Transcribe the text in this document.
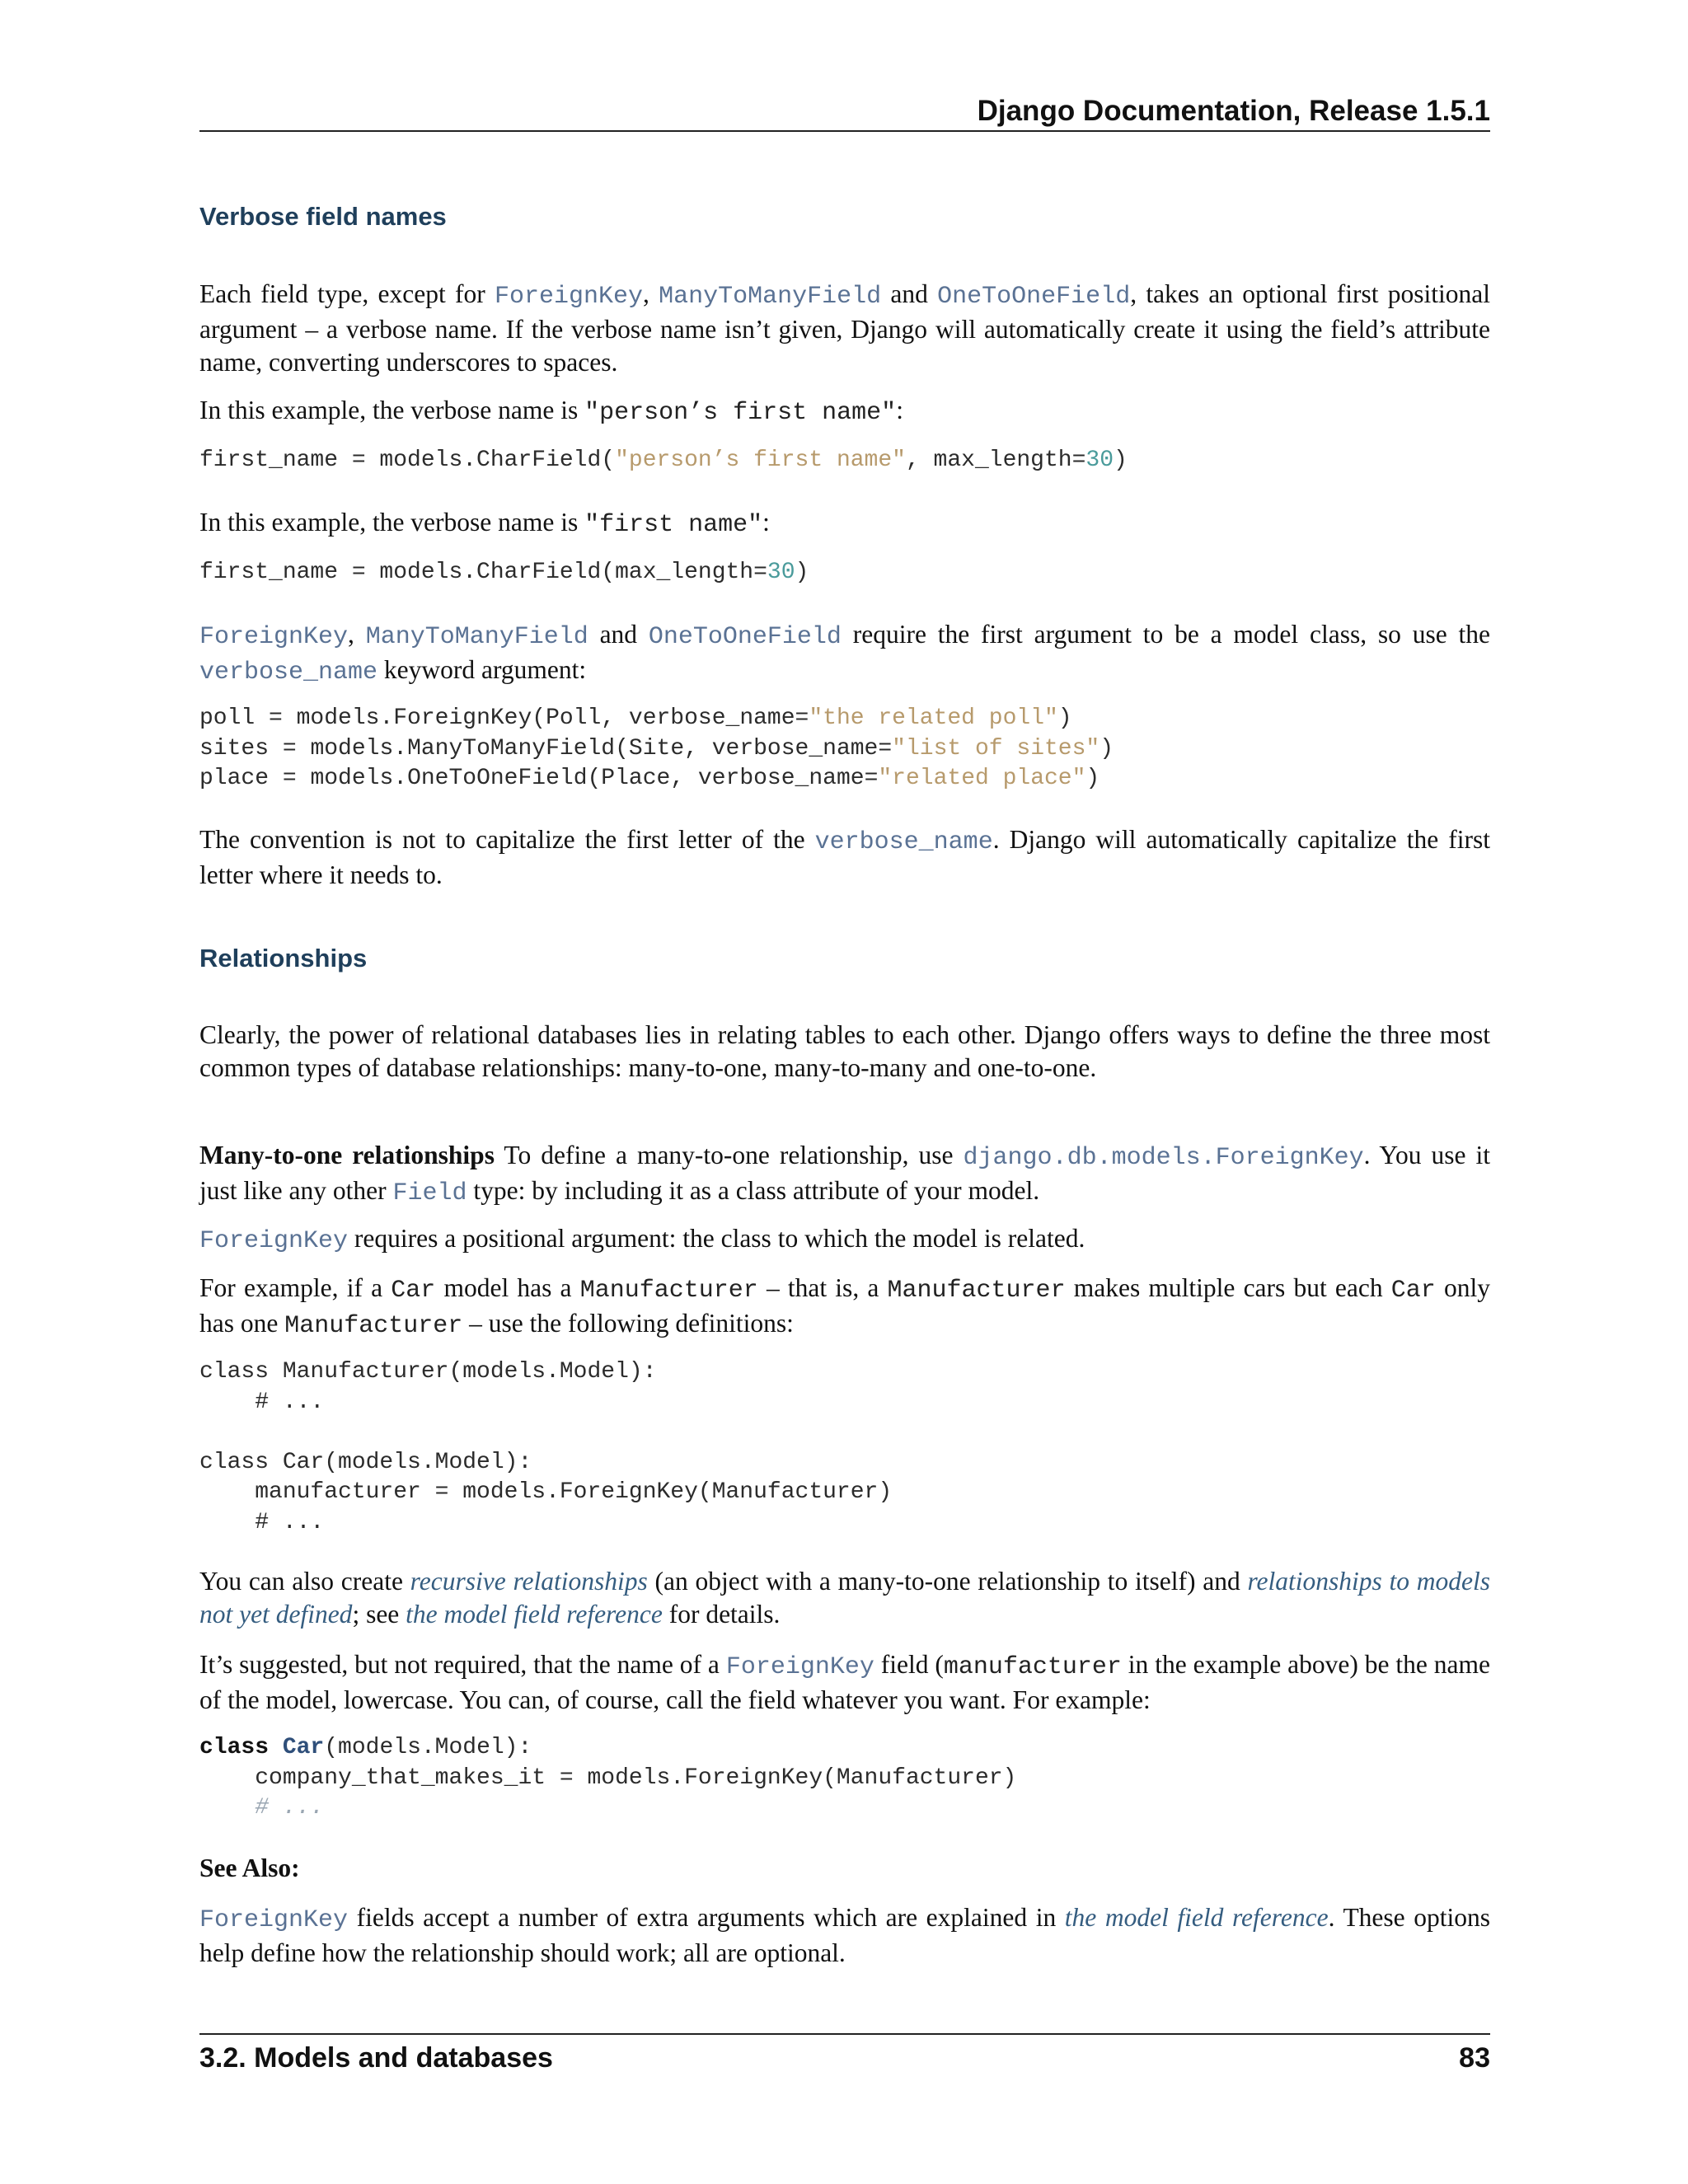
Django Documentation, Release 1.5.1
Verbose field names
Each field type, except for ForeignKey, ManyToManyField and OneToOneField, takes an optional first positional argument – a verbose name. If the verbose name isn’t given, Django will automatically create it using the field’s attribute name, converting underscores to spaces.
In this example, the verbose name is "person’s first name":
first_name = models.CharField("person’s first name", max_length=30)
In this example, the verbose name is "first name":
first_name = models.CharField(max_length=30)
ForeignKey, ManyToManyField and OneToOneField require the first argument to be a model class, so use the verbose_name keyword argument:
poll = models.ForeignKey(Poll, verbose_name="the related poll")
sites = models.ManyToManyField(Site, verbose_name="list of sites")
place = models.OneToOneField(Place, verbose_name="related place")
The convention is not to capitalize the first letter of the verbose_name. Django will automatically capitalize the first letter where it needs to.
Relationships
Clearly, the power of relational databases lies in relating tables to each other. Django offers ways to define the three most common types of database relationships: many-to-one, many-to-many and one-to-one.
Many-to-one relationships To define a many-to-one relationship, use django.db.models.ForeignKey. You use it just like any other Field type: by including it as a class attribute of your model.
ForeignKey requires a positional argument: the class to which the model is related.
For example, if a Car model has a Manufacturer – that is, a Manufacturer makes multiple cars but each Car only has one Manufacturer – use the following definitions:
class Manufacturer(models.Model):
# ...

class Car(models.Model):
manufacturer = models.ForeignKey(Manufacturer)
# ...
You can also create recursive relationships (an object with a many-to-one relationship to itself) and relationships to models not yet defined; see the model field reference for details.
It’s suggested, but not required, that the name of a ForeignKey field (manufacturer in the example above) be the name of the model, lowercase. You can, of course, call the field whatever you want. For example:
class Car(models.Model):
company_that_makes_it = models.ForeignKey(Manufacturer)
# ...
See Also:
ForeignKey fields accept a number of extra arguments which are explained in the model field reference. These options help define how the relationship should work; all are optional.
3.2. Models and databases	83
